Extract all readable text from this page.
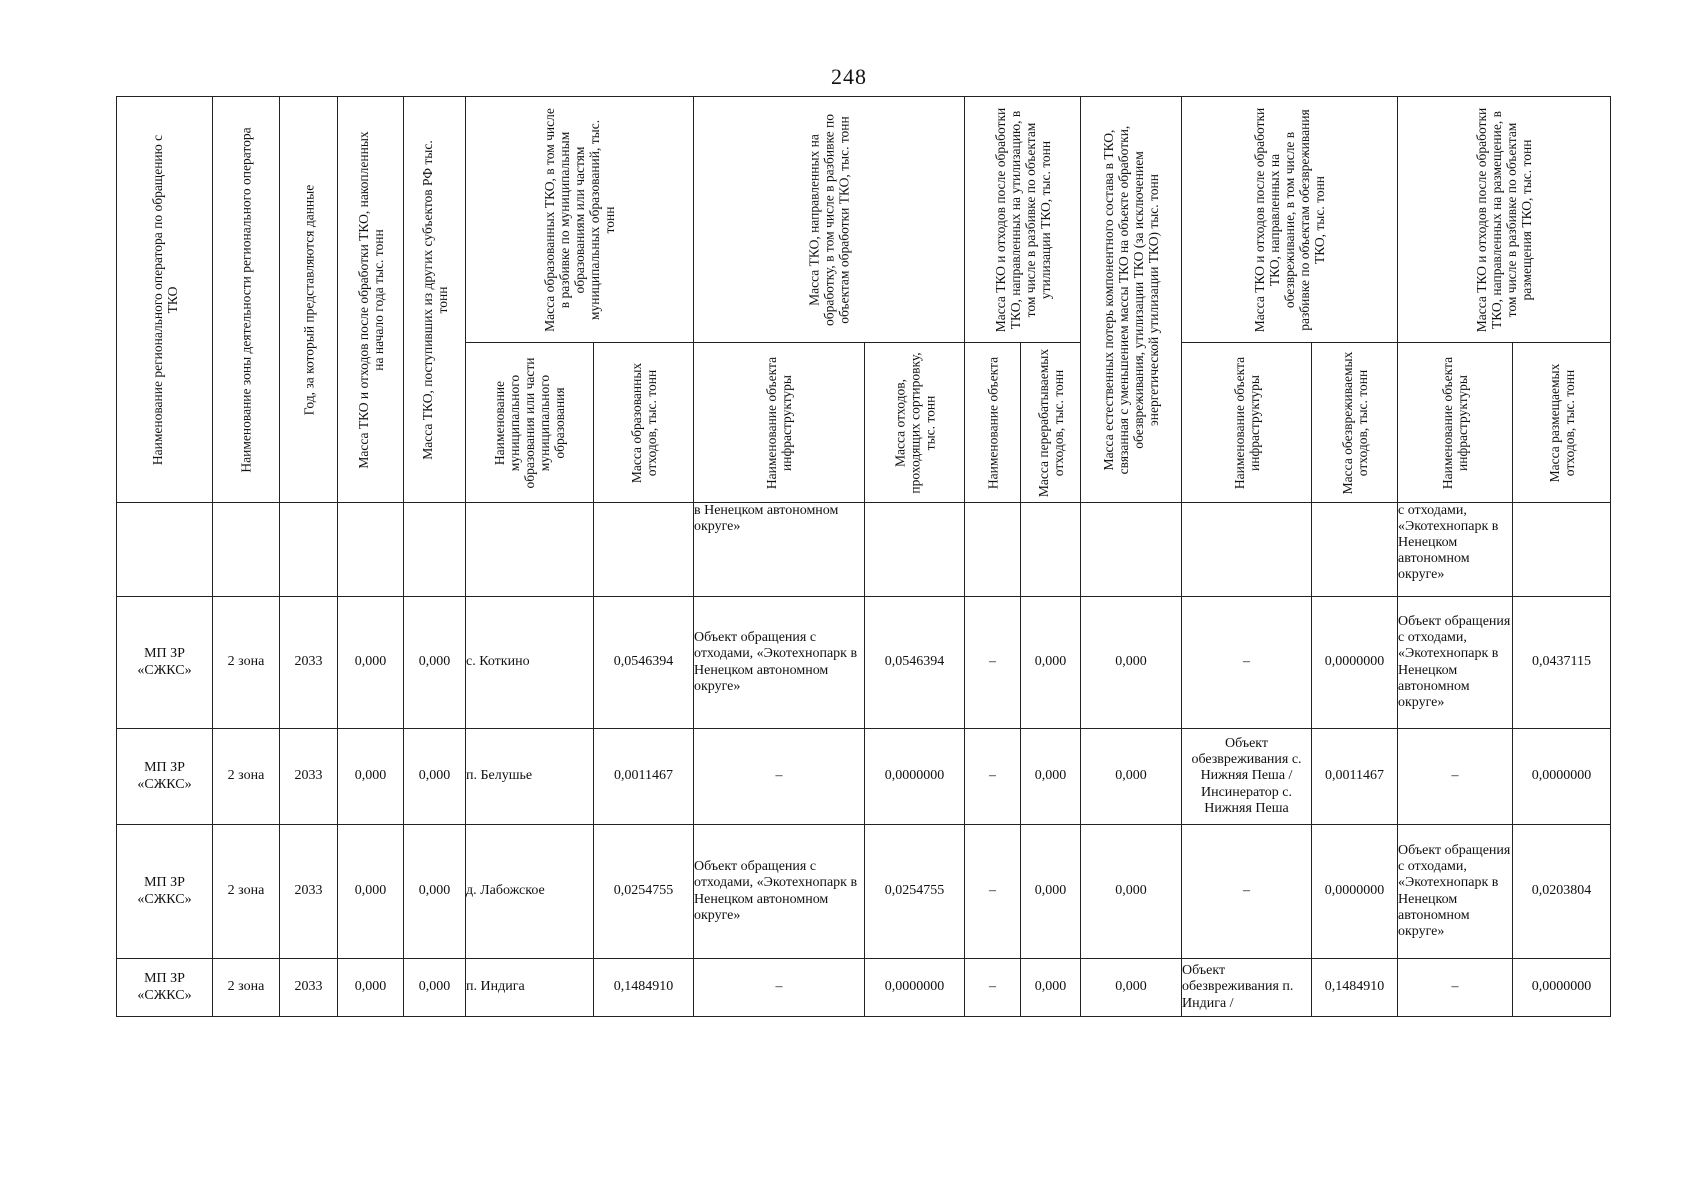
248
Наименование регионального оператора по обращению с ТКО	Наименование зоны деятельности регионального оператора	Год, за который представляются данные	Масса ТКО и отходов после обработки ТКО, накопленных на начало года тыс. тонн	Масса ТКО, поступивших из других субъектов РФ тыс. тонн	Масса образованных ТКО, в том числе в разбивке по муниципальным образованиям или частям муниципальных образований, тыс. тонн		Масса ТКО, направленных на обработку, в том числе в разбивке по объектам обработки ТКО, тыс. тонн		Масса ТКО и отходов после обработки ТКО, направленных на утилизацию, в том числе в разбивке по объектам утилизации ТКО, тыс. тонн		Масса естественных потерь компонентного состава в ТКО, связанная с уменьшением массы ТКО на объекте обработки, обезвреживания, утилизации ТКО (за исключением энергетической утилизации ТКО) тыс. тонн	Масса ТКО и отходов после обработки ТКО, направленных на обезвреживание, в том числе в разбивке по объектам обезвреживания ТКО, тыс. тонн		Масса ТКО и отходов после обработки ТКО, направленных на размещение, в том числе в разбивке по объектам размещения ТКО, тыс. тонн	

					Наименование муниципального образования или части муниципального образования	Масса образованных отходов, тыс. тонн	Наименование объекта инфраструктуры	Масса отходов, проходящих сортировку, тыс. тонн	Наименование объекта	Масса перерабатываемых отходов, тыс. тонн		Наименование объекта инфраструктуры	Масса обезвреживаемых отходов, тыс. тонн	Наименование объекта инфраструктуры	Масса размещаемых отходов, тыс. тонн

							в Ненецком автономном округе»							с отходами, «Экотехнопарк в Ненецком автономном округе»	
МП ЗР «СЖКС»	2 зона	2033	0,000	0,000	с. Коткино	0,0546394	Объект обращения с отходами, «Экотехнопарк в Ненецком автономном округе»	0,0546394	–	0,000	0,000	–	0,0000000	Объект обращения с отходами, «Экотехнопарк в Ненецком автономном округе»	0,0437115
МП ЗР «СЖКС»	2 зона	2033	0,000	0,000	п. Белушье	0,0011467	–	0,0000000	–	0,000	0,000	Объект обезвреживания с. Нижняя Пеша / Инсинератор с. Нижняя Пеша	0,0011467	–	0,0000000
МП ЗР «СЖКС»	2 зона	2033	0,000	0,000	д. Лабожское	0,0254755	Объект обращения с отходами, «Экотехнопарк в Ненецком автономном округе»	0,0254755	–	0,000	0,000	–	0,0000000	Объект обращения с отходами, «Экотехнопарк в Ненецком автономном округе»	0,0203804
МП ЗР «СЖКС»	2 зона	2033	0,000	0,000	п. Индига	0,1484910	–	0,0000000	–	0,000	0,000	Объект обезвреживания п. Индига /	0,1484910	–	0,0000000
